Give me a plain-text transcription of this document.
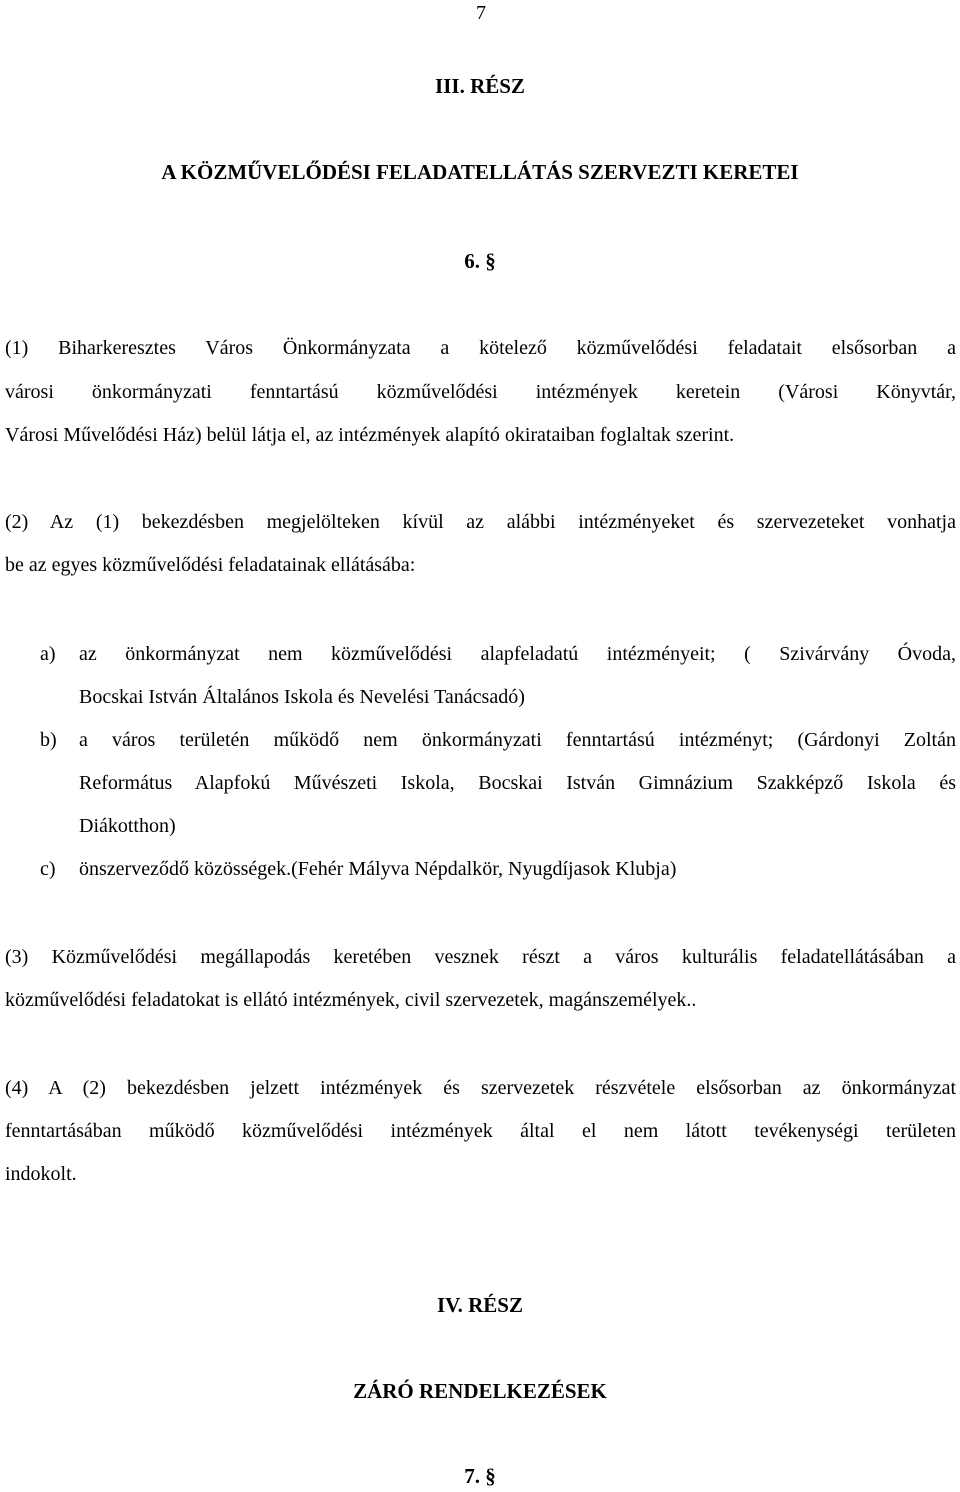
7
III. RÉSZ
A KÖZMŰVELŐDÉSI FELADATELLÁTÁS SZERVEZTI KERETEI
6. §
(1) Biharkeresztes Város Önkormányzata a kötelező közművelődési feladatait elsősorban a
városi önkormányzati fenntartású közművelődési intézmények keretein (Városi Könyvtár,
Városi Művelődési Ház) belül látja el, az intézmények alapító okirataiban foglaltak szerint.
(2) Az (1) bekezdésben megjelölteken kívül az alábbi intézményeket és szervezeteket vonhatja
be az egyes közművelődési feladatainak ellátásába:
a) az önkormányzat nem közművelődési alapfeladatú intézményeit; ( Szivárvány Óvoda,
Bocskai István Általános Iskola és Nevelési Tanácsadó)
b) a város területén működő nem önkormányzati fenntartású intézményt; (Gárdonyi Zoltán
Református Alapfokú Művészeti Iskola, Bocskai István Gimnázium Szakképző Iskola és
Diákotthon)
c) önszerveződő közösségek.(Fehér Mályva Népdalkör, Nyugdíjasok Klubja)
(3) Közművelődési megállapodás keretében vesznek részt a város kulturális feladatellátásában a
közművelődési feladatokat is ellátó intézmények, civil szervezetek, magánszemélyek..
(4) A (2) bekezdésben jelzett intézmények és szervezetek részvétele elsősorban az önkormányzat
fenntartásában működő közművelődési intézmények által el nem látott tevékenységi területen
indokolt.
IV. RÉSZ
ZÁRÓ RENDELKEZÉSEK
7. §
